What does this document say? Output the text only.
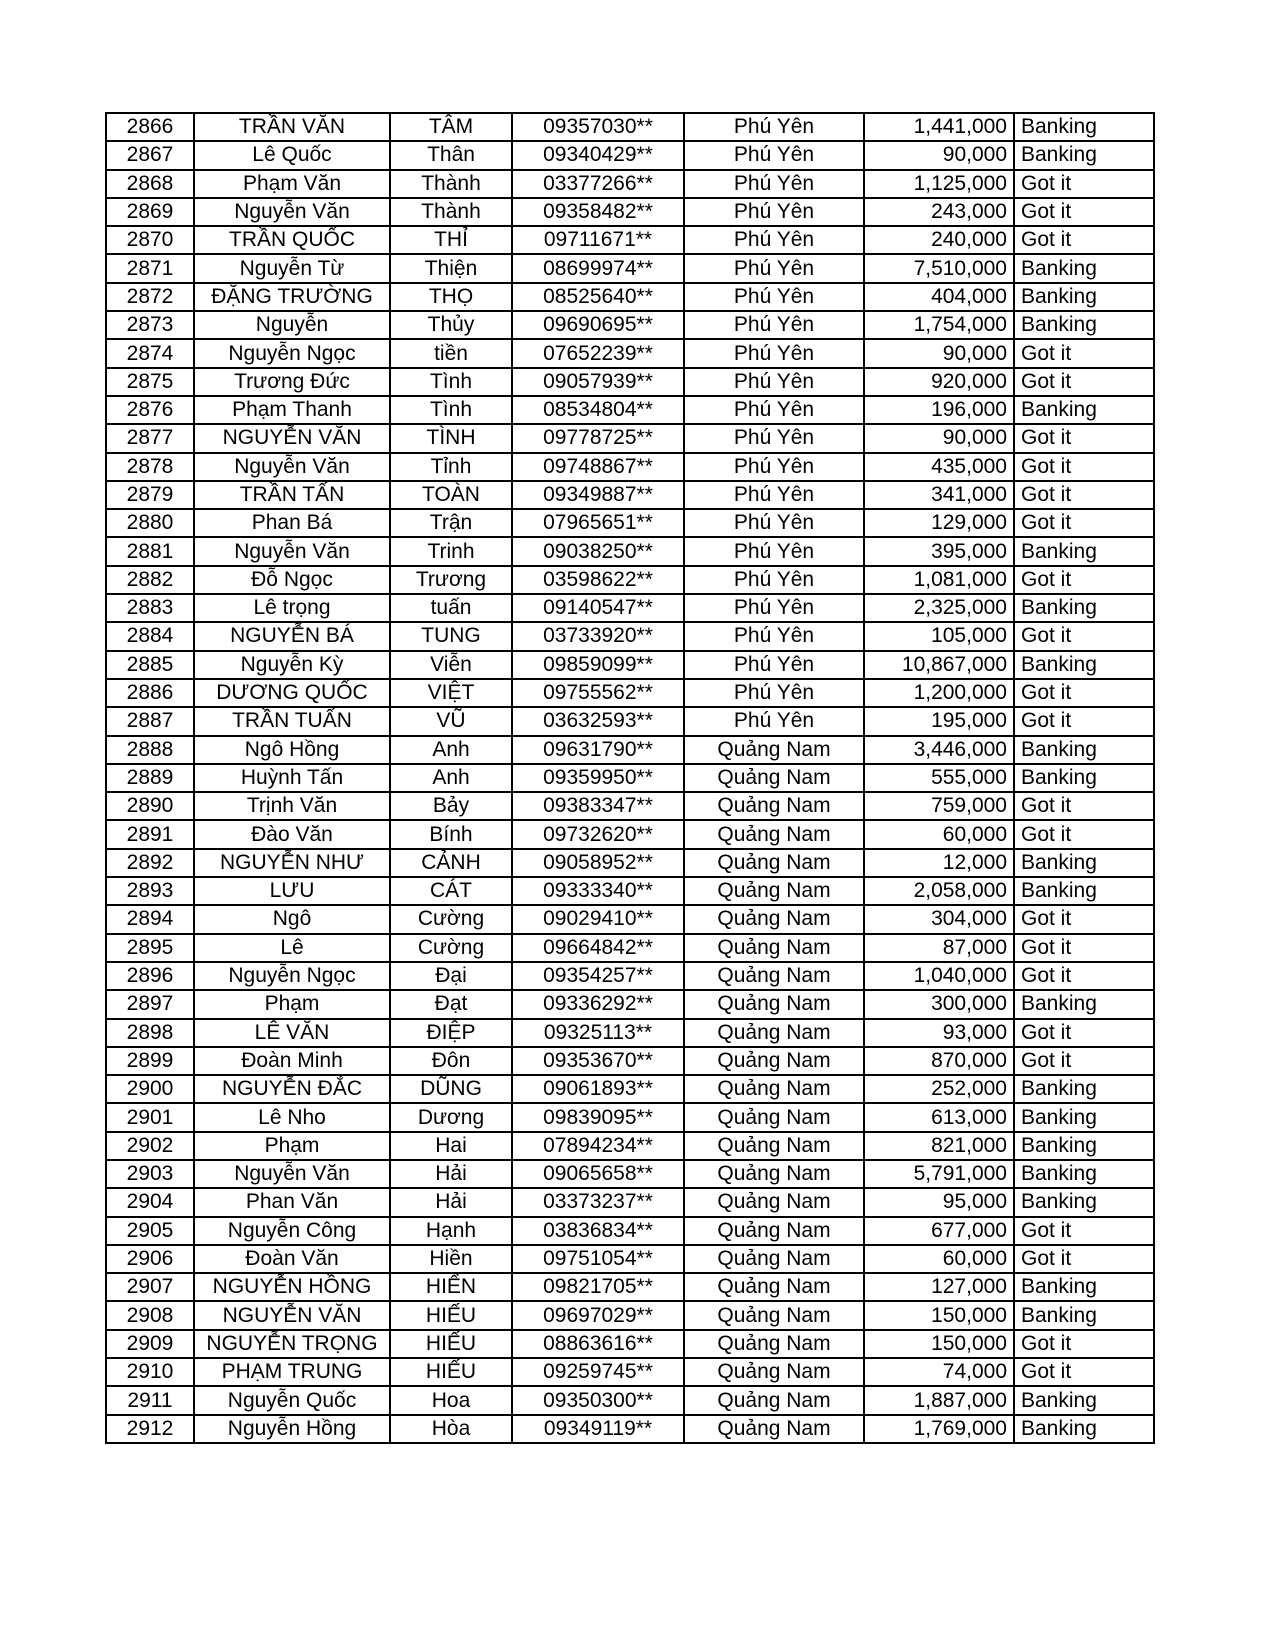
2866	TRẦN VĂN	TÂM	09357030**	Phú Yên	1,441,000	Banking
2867	Lê Quốc	Thân	09340429**	Phú Yên	90,000	Banking
2868	Phạm Văn	Thành	03377266**	Phú Yên	1,125,000	Got it
2869	Nguyễn Văn	Thành	09358482**	Phú Yên	243,000	Got it
2870	TRẦN QUỐC	THỈ	09711671**	Phú Yên	240,000	Got it
2871	Nguyễn Từ	Thiện	08699974**	Phú Yên	7,510,000	Banking
2872	ĐẶNG TRƯỜNG	THỌ	08525640**	Phú Yên	404,000	Banking
2873	Nguyễn	Thủy	09690695**	Phú Yên	1,754,000	Banking
2874	Nguyễn Ngọc	tiền	07652239**	Phú Yên	90,000	Got it
2875	Trương Đức	Tình	09057939**	Phú Yên	920,000	Got it
2876	Phạm Thanh	Tình	08534804**	Phú Yên	196,000	Banking
2877	NGUYỄN VĂN	TÌNH	09778725**	Phú Yên	90,000	Got it
2878	Nguyễn Văn	Tỉnh	09748867**	Phú Yên	435,000	Got it
2879	TRẦN TẤN	TOÀN	09349887**	Phú Yên	341,000	Got it
2880	Phan Bá	Trận	07965651**	Phú Yên	129,000	Got it
2881	Nguyễn Văn	Trinh	09038250**	Phú Yên	395,000	Banking
2882	Đỗ Ngọc	Trương	03598622**	Phú Yên	1,081,000	Got it
2883	Lê trọng	tuấn	09140547**	Phú Yên	2,325,000	Banking
2884	NGUYỄN BÁ	TUNG	03733920**	Phú Yên	105,000	Got it
2885	Nguyễn Kỳ	Viễn	09859099**	Phú Yên	10,867,000	Banking
2886	DƯƠNG QUỐC	VIỆT	09755562**	Phú Yên	1,200,000	Got it
2887	TRẦN TUẤN	VŨ	03632593**	Phú Yên	195,000	Got it
2888	Ngô Hồng	Anh	09631790**	Quảng Nam	3,446,000	Banking
2889	Huỳnh Tấn	Anh	09359950**	Quảng Nam	555,000	Banking
2890	Trịnh Văn	Bảy	09383347**	Quảng Nam	759,000	Got it
2891	Đào Văn	Bính	09732620**	Quảng Nam	60,000	Got it
2892	NGUYỄN NHƯ	CẢNH	09058952**	Quảng Nam	12,000	Banking
2893	LƯU	CÁT	09333340**	Quảng Nam	2,058,000	Banking
2894	Ngô	Cường	09029410**	Quảng Nam	304,000	Got it
2895	Lê	Cường	09664842**	Quảng Nam	87,000	Got it
2896	Nguyễn Ngọc	Đại	09354257**	Quảng Nam	1,040,000	Got it
2897	Phạm	Đạt	09336292**	Quảng Nam	300,000	Banking
2898	LÊ VĂN	ĐIỆP	09325113**	Quảng Nam	93,000	Got it
2899	Đoàn Minh	Đôn	09353670**	Quảng Nam	870,000	Got it
2900	NGUYỄN ĐẮC	DŨNG	09061893**	Quảng Nam	252,000	Banking
2901	Lê Nho	Dương	09839095**	Quảng Nam	613,000	Banking
2902	Phạm	Hai	07894234**	Quảng Nam	821,000	Banking
2903	Nguyễn Văn	Hải	09065658**	Quảng Nam	5,791,000	Banking
2904	Phan Văn	Hải	03373237**	Quảng Nam	95,000	Banking
2905	Nguyễn Công	Hạnh	03836834**	Quảng Nam	677,000	Got it
2906	Đoàn Văn	Hiền	09751054**	Quảng Nam	60,000	Got it
2907	NGUYỄN HỒNG	HIỂN	09821705**	Quảng Nam	127,000	Banking
2908	NGUYỄN VĂN	HIẾU	09697029**	Quảng Nam	150,000	Banking
2909	NGUYỄN TRỌNG	HIẾU	08863616**	Quảng Nam	150,000	Got it
2910	PHẠM TRUNG	HIẾU	09259745**	Quảng Nam	74,000	Got it
2911	Nguyễn Quốc	Hoa	09350300**	Quảng Nam	1,887,000	Banking
2912	Nguyễn Hồng	Hòa	09349119**	Quảng Nam	1,769,000	Banking
